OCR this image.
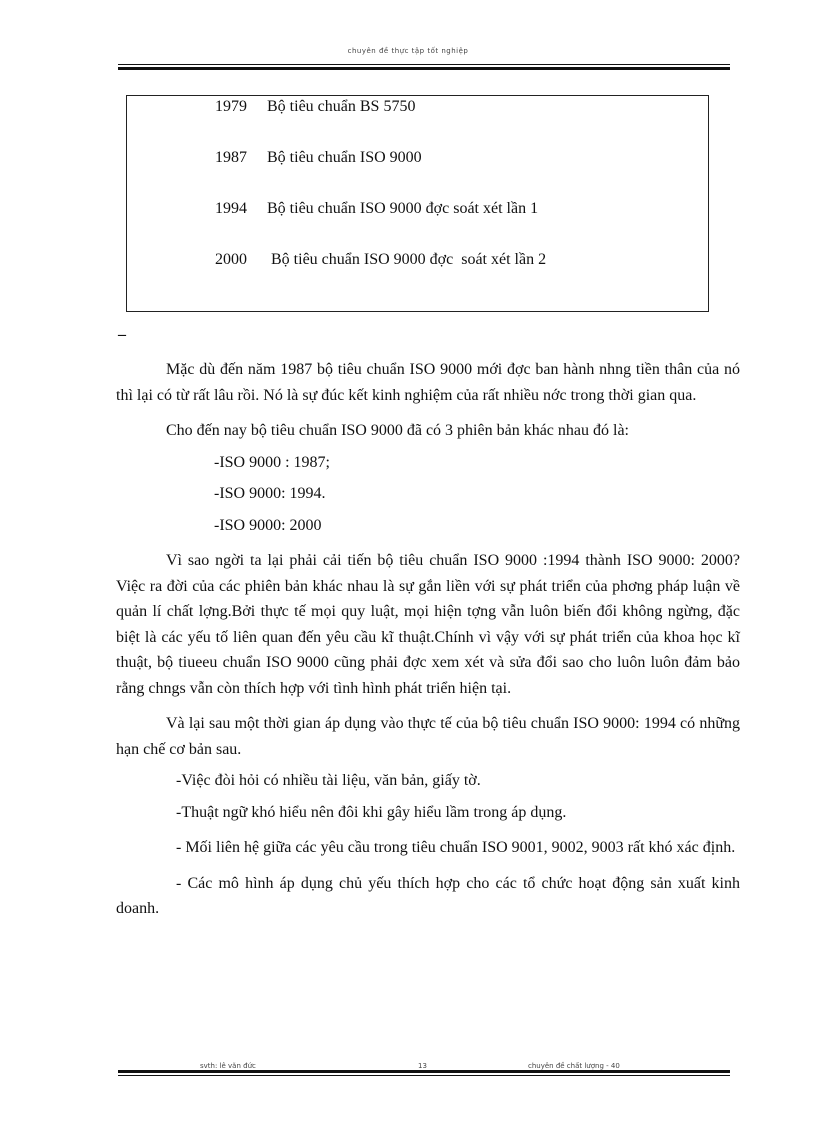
chuyên đề thực tập tốt nghiệp
1979 Bộ tiêu chuẩn BS 5750
1987 Bộ tiêu chuẩn ISO 9000
1994 Bộ tiêu chuẩn ISO 9000 đợc soát xét lần 1
2000 Bộ tiêu chuẩn ISO 9000 đợc  soát xét lần 2
–

Mặc dù đến năm 1987 bộ tiêu chuẩn ISO 9000 mới đợc ban hành nhng tiền thân của nó thì lại có từ rất lâu rồi. Nó là sự đúc kết kinh nghiệm của rất nhiều nớc trong thời gian qua.

Cho đến nay bộ tiêu chuẩn ISO 9000 đã có 3 phiên bản khác nhau đó là:

-ISO 9000 : 1987;

-ISO 9000: 1994.

-ISO 9000: 2000

Vì sao ngời ta lại phải cải tiến bộ tiêu chuẩn ISO 9000 :1994 thành ISO 9000: 2000? Việc ra đời của các phiên bản khác nhau là sự gắn liền với sự phát triển của phơng pháp luận về quản lí chất lợng.Bởi thực tế mọi quy luật, mọi hiện tợng vẫn luôn biến đổi không ngừng, đặc biệt là các yếu tố liên quan đến yêu cầu kĩ thuật.Chính vì vậy với sự phát triển của khoa học kĩ thuật, bộ tiueeu chuẩn ISO 9000 cũng phải đợc xem xét và sửa đổi sao cho luôn luôn đảm bảo rằng chngs vẫn còn thích hợp với tình hình phát triển hiện tại.

Và lại sau một thời gian áp dụng vào thực tế của bộ tiêu chuẩn ISO 9000: 1994 có những hạn chế cơ bản sau.

-Việc đòi hỏi có nhiều tài liệu, văn bản, giấy tờ.

-Thuật ngữ khó hiểu nên đôi khi gây hiểu lầm trong áp dụng.

- Mối liên hệ giữa các yêu cầu trong tiêu chuẩn ISO 9001, 9002, 9003 rất khó xác định.

- Các mô hình áp dụng chủ yếu thích hợp cho các tổ chức hoạt động sản xuất kinh doanh.

svth: lê văn đức	13	chuyên đề chất lượng - 40
